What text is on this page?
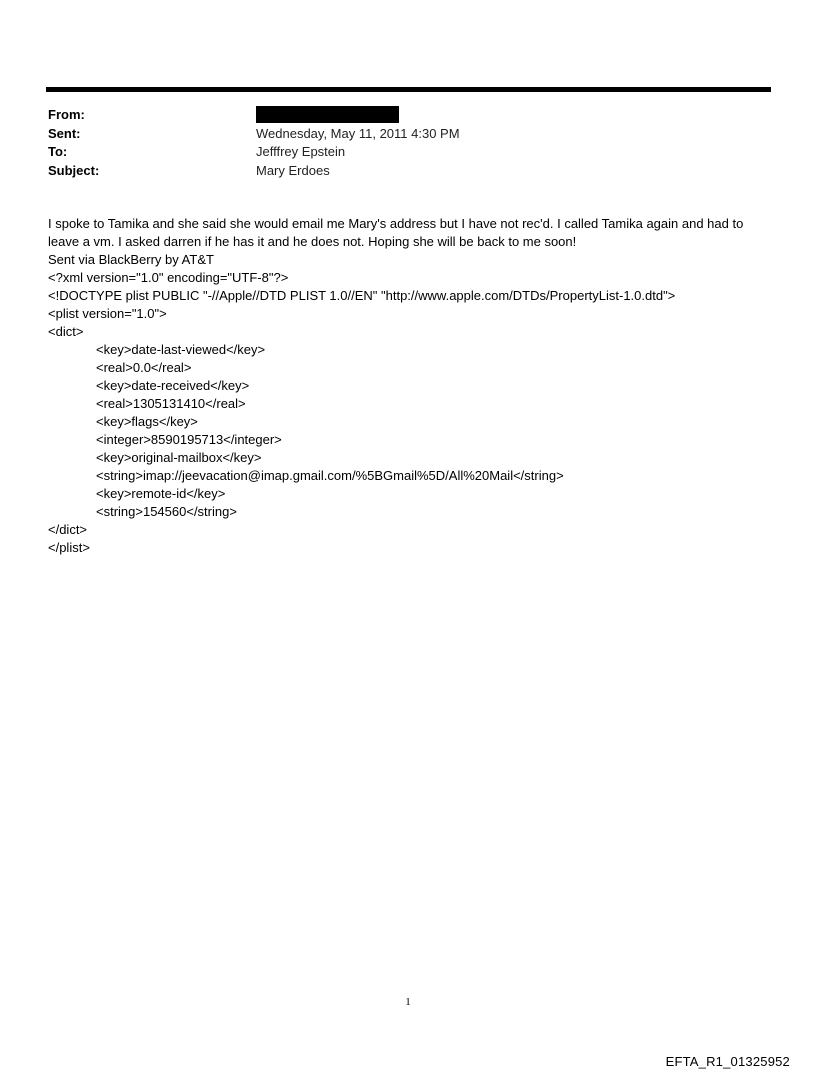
From:
Sent:	Wednesday, May 11, 2011 4:30 PM
To:	Jefffrey Epstein
Subject:	Mary Erdoes
I spoke to Tamika and she said she would email me Mary's address but I have not rec'd. I called Tamika again and had to
leave a vm. I asked darren if he has it and he does not. Hoping she will be back to me soon!
Sent via BlackBerry by AT&T
<?xml version="1.0" encoding="UTF-8"?>
<!DOCTYPE plist PUBLIC "-//Apple//DTD PLIST 1.0//EN" "http://www.apple.com/DTDs/PropertyList-1.0.dtd">
<plist version="1.0">
<dict>
<key>date-last-viewed</key>
<real>0.0</real>
<key>date-received</key>
<real>1305131410</real>
<key>flags</key>
<integer>8590195713</integer>
<key>original-mailbox</key>
<string>imap://jeevacation@imap.gmail.com/%5BGmail%5D/All%20Mail</string>
<key>remote-id</key>
<string>154560</string>
</dict>
</plist>
1
EFTA_R1_01325952
